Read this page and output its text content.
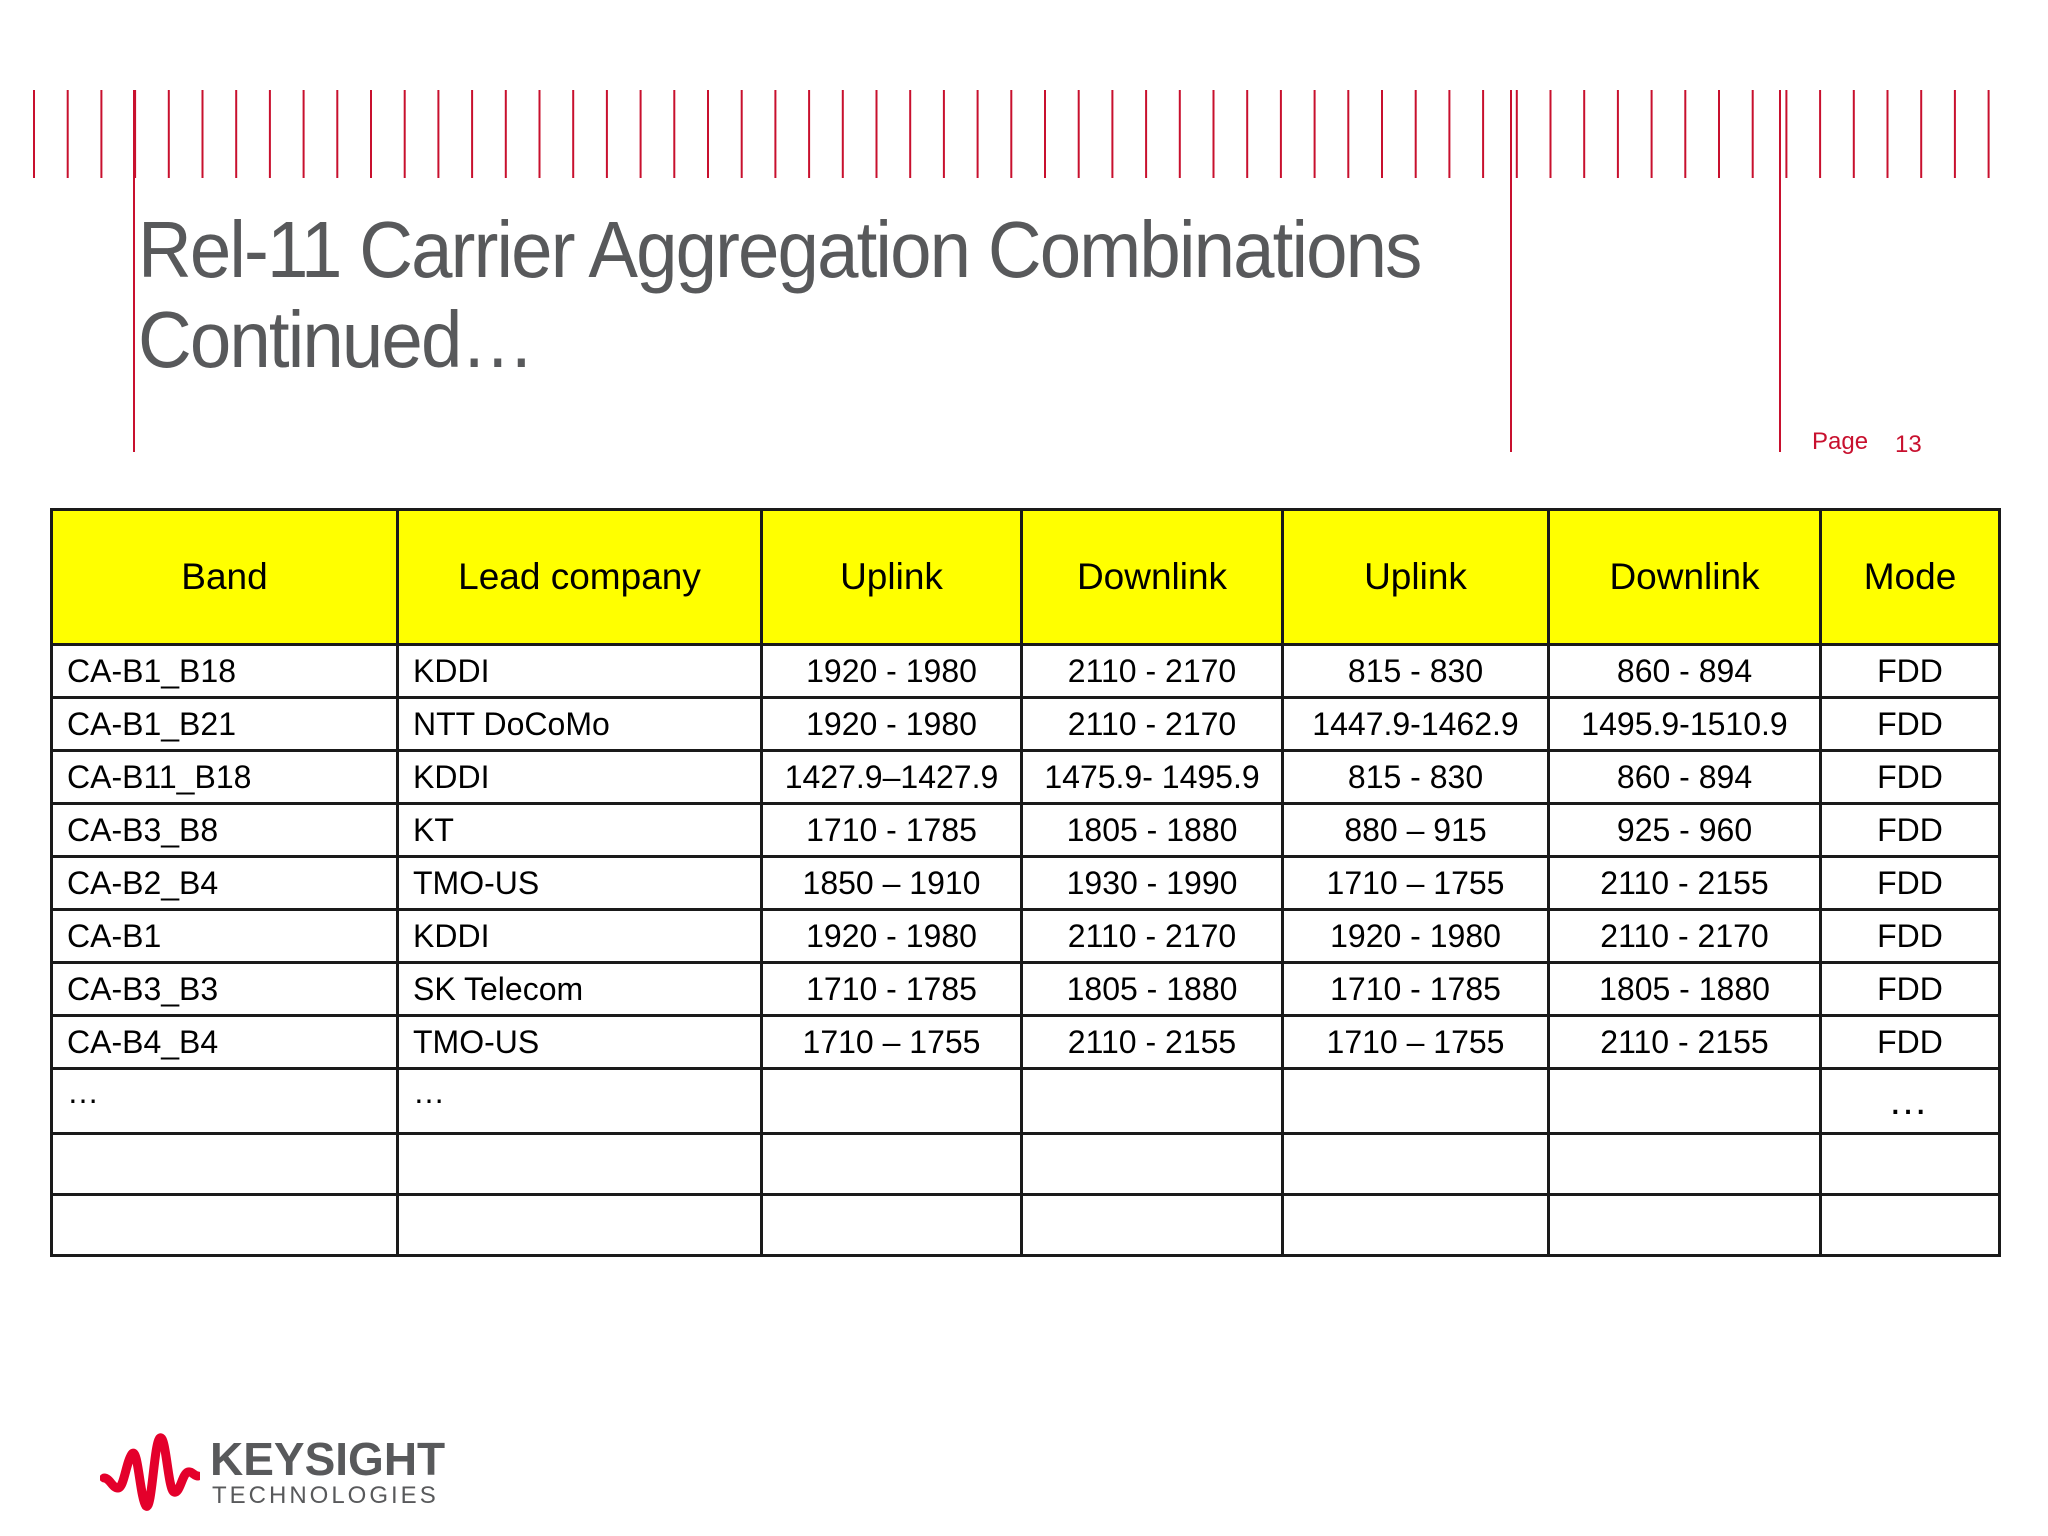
Rel-11 Carrier Aggregation Combinations
Continued…
Page 13
Band	Lead company	Uplink	Downlink	Uplink	Downlink	Mode
CA-B1_B18	KDDI	1920 - 1980	2110 - 2170	815 - 830	860 - 894	FDD
CA-B1_B21	NTT DoCoMo	1920 - 1980	2110 - 2170	1447.9-1462.9	1495.9-1510.9	FDD
CA-B11_B18	KDDI	1427.9–1427.9	1475.9- 1495.9	815 - 830	860 - 894	FDD
CA-B3_B8	KT	1710 - 1785	1805 - 1880	880 – 915	925 - 960	FDD
CA-B2_B4	TMO-US	1850 – 1910	1930 - 1990	1710 – 1755	2110 - 2155	FDD
CA-B1	KDDI	1920 - 1980	2110 - 2170	1920 - 1980	2110 - 2170	FDD
CA-B3_B3	SK Telecom	1710 - 1785	1805 - 1880	1710 - 1785	1805 - 1880	FDD
CA-B4_B4	TMO-US	1710 – 1755	2110 - 2155	1710 – 1755	2110 - 2155	FDD
…	…					…

KEYSIGHT
TECHNOLOGIES
